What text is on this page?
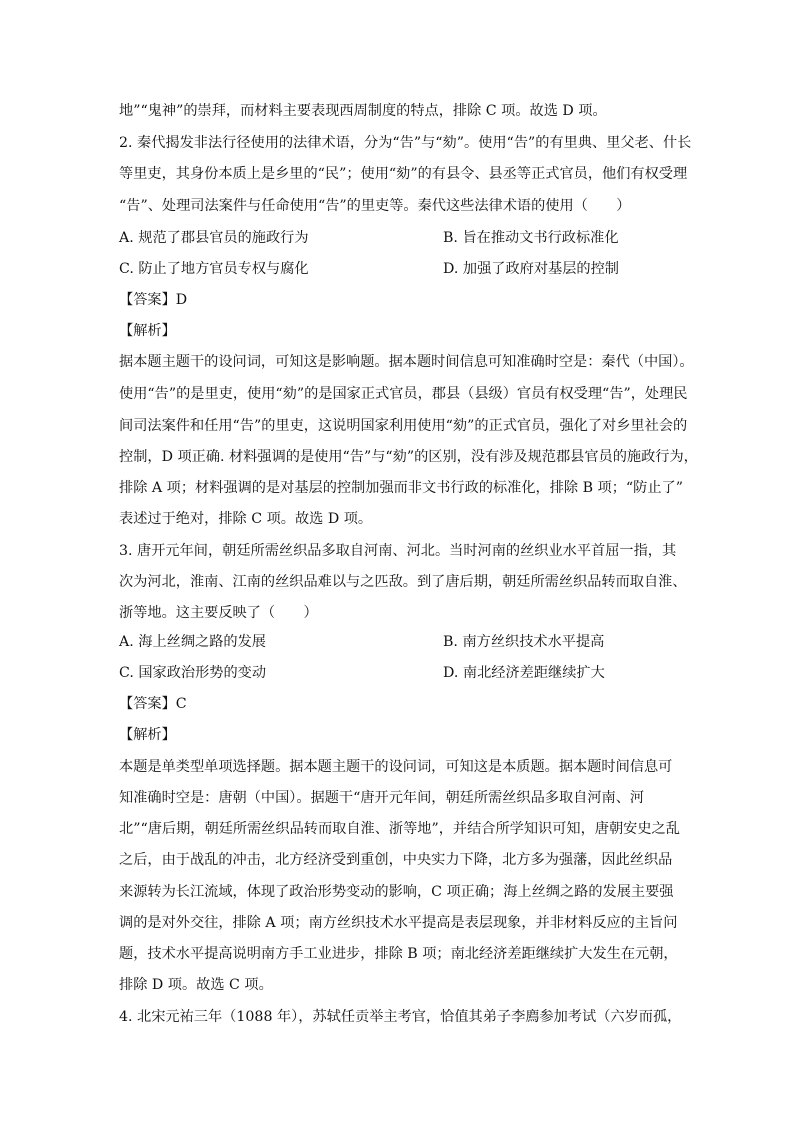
地”“鬼神”的崇拜，而材料主要表现西周制度的特点，排除 C 项。故选 D 项。
2. 秦代揭发非法行径使用的法律术语，分为“告”与“劾”。使用“告”的有里典、里父老、什长
等里吏，其身份本质上是乡里的“民”；使用“劾”的有县令、县丞等正式官员，他们有权受理
“告”、处理司法案件与任命使用“告”的里吏等。秦代这些法律术语的使用（　　）
A. 规范了郡县官员的施政行为	B. 旨在推动文书行政标准化
C. 防止了地方官员专权与腐化	D. 加强了政府对基层的控制
【答案】D
【解析】
据本题主题干的设问词，可知这是影响题。据本题时间信息可知准确时空是：秦代（中国）。
使用“告”的是里吏，使用“劾”的是国家正式官员，郡县（县级）官员有权受理“告”，处理民
间司法案件和任用“告”的里吏，这说明国家利用使用“劾”的正式官员，强化了对乡里社会的
控制，D 项正确. 材料强调的是使用“告”与“劾”的区别，没有涉及规范郡县官员的施政行为，
排除 A 项；材料强调的是对基层的控制加强而非文书行政的标准化，排除 B 项；“防止了”
表述过于绝对，排除 C 项。故选 D 项。
3. 唐开元年间，朝廷所需丝织品多取自河南、河北。当时河南的丝织业水平首屈一指，其
次为河北，淮南、江南的丝织品难以与之匹敌。到了唐后期，朝廷所需丝织品转而取自淮、
浙等地。这主要反映了（　　）
A. 海上丝绸之路的发展	B. 南方丝织技术水平提高
C. 国家政治形势的变动	D. 南北经济差距继续扩大
【答案】C
【解析】
本题是单类型单项选择题。据本题主题干的设问词，可知这是本质题。据本题时间信息可
知准确时空是：唐朝（中国）。据题干“唐开元年间，朝廷所需丝织品多取自河南、河
北”“唐后期，朝廷所需丝织品转而取自淮、浙等地”，并结合所学知识可知，唐朝安史之乱
之后，由于战乱的冲击，北方经济受到重创，中央实力下降，北方多为强藩，因此丝织品
来源转为长江流域，体现了政治形势变动的影响，C 项正确；海上丝绸之路的发展主要强
调的是对外交往，排除 A 项；南方丝织技术水平提高是表层现象，并非材料反应的主旨问
题，技术水平提高说明南方手工业进步，排除 B 项；南北经济差距继续扩大发生在元朝，
排除 D 项。故选 C 项。
4. 北宋元祐三年（1088 年），苏轼任贡举主考官，恰值其弟子李廌参加考试（六岁而孤，
